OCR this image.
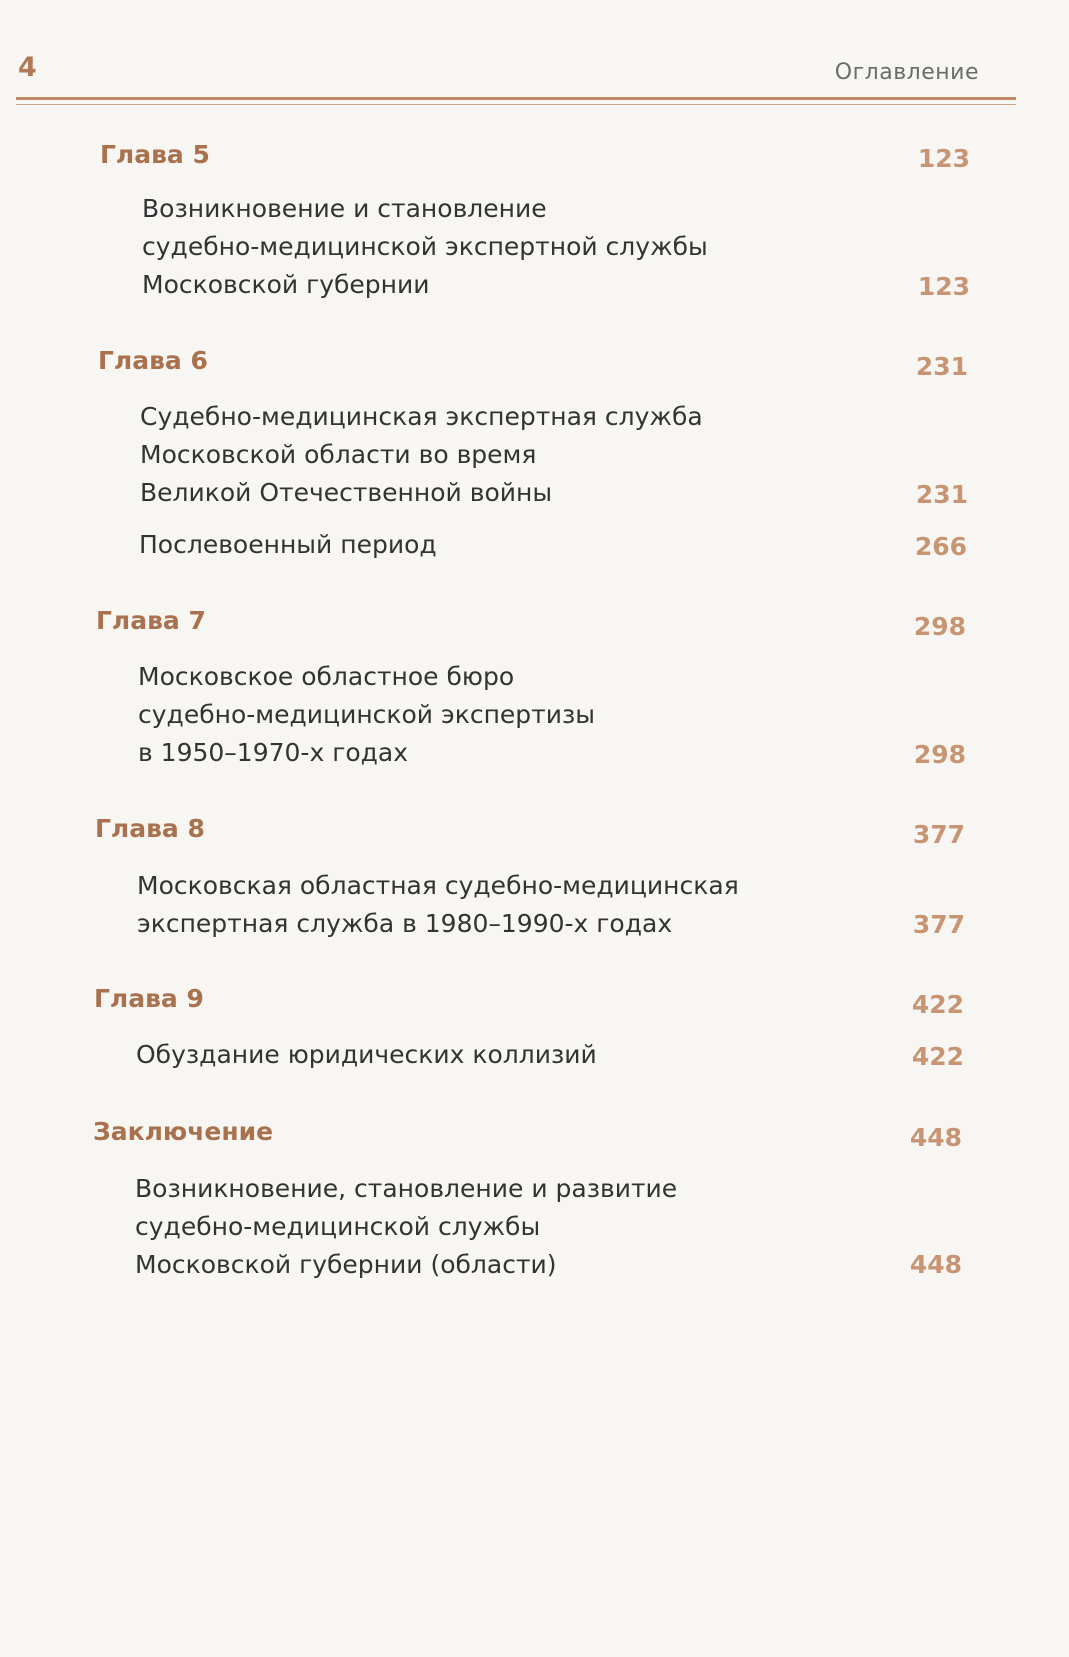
4	Оглавление
Глава 5	123
Возникновение и становление
судебно-медицинской экспертной службы
Московской губернии	123
Глава 6	231
Судебно-медицинская экспертная служба
Московской области во время
Великой Отечественной войны	231
Послевоенный период	266
Глава 7	298
Московское областное бюро
судебно-медицинской экспертизы
в 1950–1970-х годах	298
Глава 8	377
Московская областная судебно-медицинская
экспертная служба в 1980–1990-х годах	377
Глава 9	422
Обуздание юридических коллизий	422
Заключение	448
Возникновение, становление и развитие
судебно-медицинской службы
Московской губернии (области)	448
